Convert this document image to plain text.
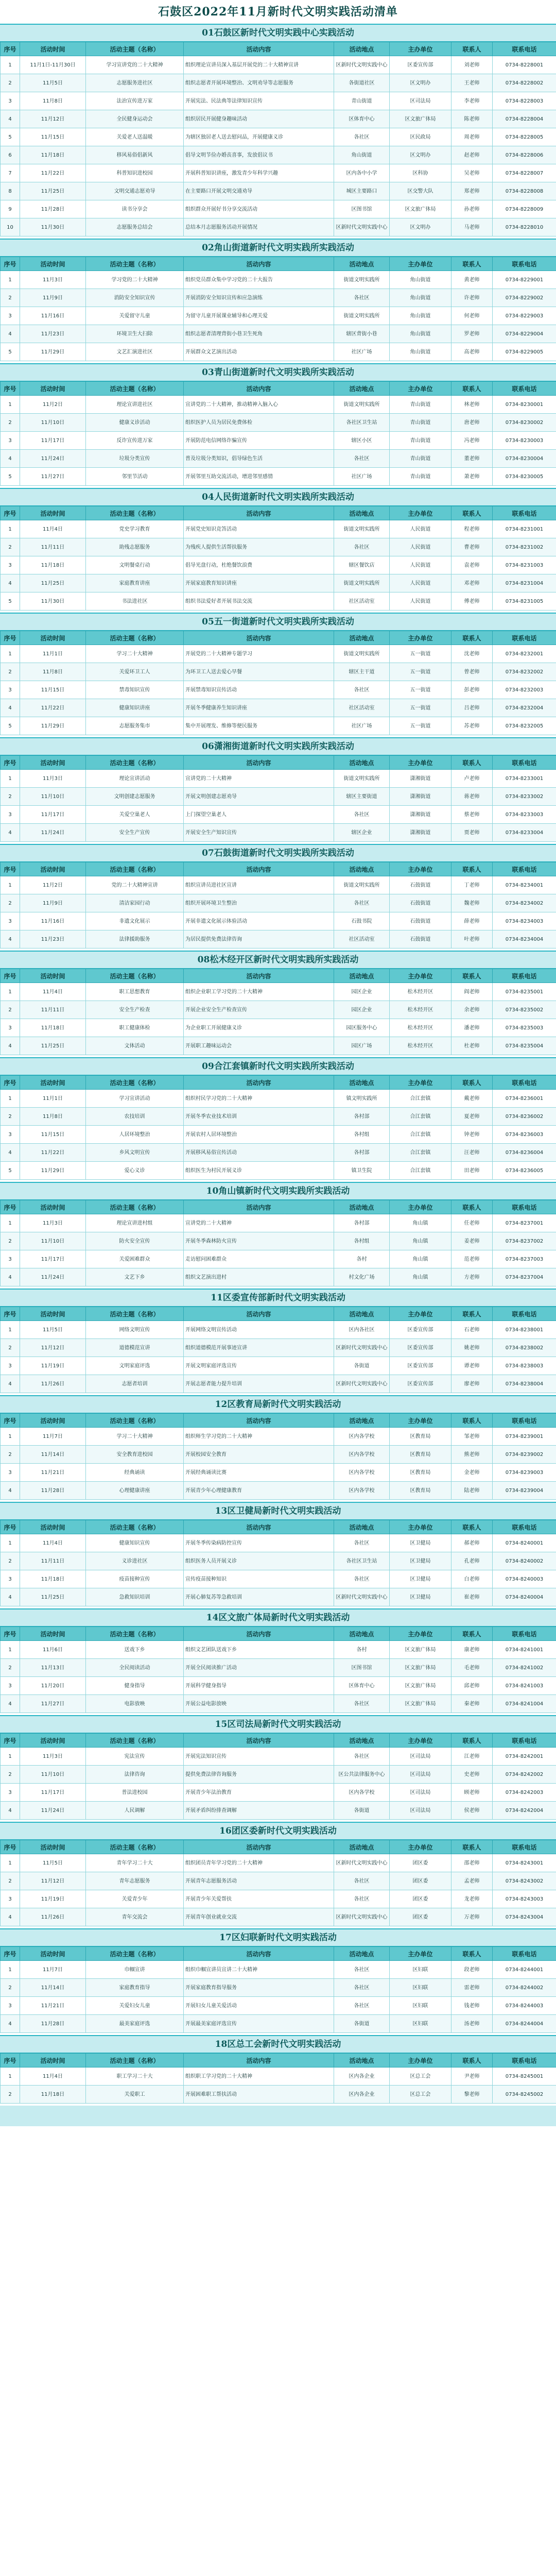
石鼓区2022年11月新时代文明实践活动清单
01石鼓区新时代文明实践中心实践活动
序号	活动时间	活动主题（名称）	活动内容	活动地点	主办单位	联系人	联系电话
1	11月1日-11月30日	学习宣讲党的二十大精神	组织理论宣讲员深入基层开展党的二十大精神宣讲	区新时代文明实践中心	区委宣传部	刘老师	0734-8228001
2	11月5日	志愿服务进社区	组织志愿者开展环境整治、文明劝导等志愿服务	各街道社区	区文明办	王老师	0734-8228002
3	11月8日	法治宣传进万家	开展宪法、民法典等法律知识宣传	青山街道	区司法局	李老师	0734-8228003
4	11月12日	全民健身运动会	组织居民开展健身趣味活动	区体育中心	区文旅广体局	陈老师	0734-8228004
5	11月15日	关爱老人送温暖	为辖区独居老人送去慰问品，开展健康义诊	各社区	区民政局	周老师	0734-8228005
6	11月18日	移风易俗倡新风	倡导文明节俭办婚丧喜事，发放倡议书	角山街道	区文明办	赵老师	0734-8228006
7	11月22日	科普知识进校园	开展科普知识讲座，激发青少年科学兴趣	区内各中小学	区科协	吴老师	0734-8228007
8	11月25日	文明交通志愿劝导	在主要路口开展文明交通劝导	城区主要路口	区交警大队	郑老师	0734-8228008
9	11月28日	读书分享会	组织群众开展好书分享交流活动	区图书馆	区文旅广体局	孙老师	0734-8228009
10	11月30日	志愿服务总结会	总结本月志愿服务活动开展情况	区新时代文明实践中心	区文明办	马老师	0734-8228010
02角山街道新时代文明实践所实践活动
序号	活动时间	活动主题（名称）	活动内容	活动地点	主办单位	联系人	联系电话
1	11月3日	学习党的二十大精神	组织党员群众集中学习党的二十大报告	街道文明实践所	角山街道	黄老师	0734-8229001
2	11月9日	消防安全知识宣传	开展消防安全知识宣传和应急演练	各社区	角山街道	许老师	0734-8229002
3	11月16日	关爱留守儿童	为留守儿童开展课业辅导和心理关爱	街道文明实践所	角山街道	何老师	0734-8229003
4	11月23日	环境卫生大扫除	组织志愿者清理背街小巷卫生死角	辖区背街小巷	角山街道	罗老师	0734-8229004
5	11月29日	文艺汇演进社区	开展群众文艺演出活动	社区广场	角山街道	高老师	0734-8229005
03青山街道新时代文明实践所实践活动
序号	活动时间	活动主题（名称）	活动内容	活动地点	主办单位	联系人	联系电话
1	11月2日	理论宣讲进社区	宣讲党的二十大精神，推动精神入脑入心	街道文明实践所	青山街道	林老师	0734-8230001
2	11月10日	健康义诊活动	组织医护人员为居民免费体检	各社区卫生站	青山街道	唐老师	0734-8230002
3	11月17日	反诈宣传进万家	开展防范电信网络诈骗宣传	辖区小区	青山街道	冯老师	0734-8230003
4	11月24日	垃圾分类宣传	普及垃圾分类知识，倡导绿色生活	各社区	青山街道	董老师	0734-8230004
5	11月27日	邻里节活动	开展邻里互助交流活动，增进邻里感情	社区广场	青山街道	萧老师	0734-8230005
04人民街道新时代文明实践所实践活动
序号	活动时间	活动主题（名称）	活动内容	活动地点	主办单位	联系人	联系电话
1	11月4日	党史学习教育	开展党史知识竞答活动	街道文明实践所	人民街道	程老师	0734-8231001
2	11月11日	助残志愿服务	为残疾人提供生活帮扶服务	各社区	人民街道	曹老师	0734-8231002
3	11月18日	文明餐桌行动	倡导光盘行动，杜绝餐饮浪费	辖区餐饮店	人民街道	袁老师	0734-8231003
4	11月25日	家庭教育讲座	开展家庭教育知识讲座	街道文明实践所	人民街道	邓老师	0734-8231004
5	11月30日	书法进社区	组织书法爱好者开展书法交流	社区活动室	人民街道	傅老师	0734-8231005
05五一街道新时代文明实践所实践活动
序号	活动时间	活动主题（名称）	活动内容	活动地点	主办单位	联系人	联系电话
1	11月1日	学习二十大精神	开展党的二十大精神专题学习	街道文明实践所	五一街道	沈老师	0734-8232001
2	11月8日	关爱环卫工人	为环卫工人送去爱心早餐	辖区主干道	五一街道	曾老师	0734-8232002
3	11月15日	禁毒知识宣传	开展禁毒知识宣传活动	各社区	五一街道	彭老师	0734-8232003
4	11月22日	健康知识讲座	开展冬季健康养生知识讲座	社区活动室	五一街道	吕老师	0734-8232004
5	11月29日	志愿服务集市	集中开展理发、维修等便民服务	社区广场	五一街道	苏老师	0734-8232005
06潇湘街道新时代文明实践所实践活动
序号	活动时间	活动主题（名称）	活动内容	活动地点	主办单位	联系人	联系电话
1	11月3日	理论宣讲活动	宣讲党的二十大精神	街道文明实践所	潇湘街道	卢老师	0734-8233001
2	11月10日	文明创建志愿服务	开展文明创建志愿劝导	辖区主要街道	潇湘街道	蒋老师	0734-8233002
3	11月17日	关爱空巢老人	上门探望空巢老人	各社区	潇湘街道	蔡老师	0734-8233003
4	11月24日	安全生产宣传	开展安全生产知识宣传	辖区企业	潇湘街道	贾老师	0734-8233004
07石鼓街道新时代文明实践所实践活动
序号	活动时间	活动主题（名称）	活动内容	活动地点	主办单位	联系人	联系电话
1	11月2日	党的二十大精神宣讲	组织宣讲员进社区宣讲	街道文明实践所	石鼓街道	丁老师	0734-8234001
2	11月9日	清洁家园行动	组织开展环境卫生整治	各社区	石鼓街道	魏老师	0734-8234002
3	11月16日	非遗文化展示	开展非遗文化展示体验活动	石鼓书院	石鼓街道	薛老师	0734-8234003
4	11月23日	法律援助服务	为居民提供免费法律咨询	社区活动室	石鼓街道	叶老师	0734-8234004
08松木经开区新时代文明实践所实践活动
序号	活动时间	活动主题（名称）	活动内容	活动地点	主办单位	联系人	联系电话
1	11月4日	职工思想教育	组织企业职工学习党的二十大精神	园区企业	松木经开区	阎老师	0734-8235001
2	11月11日	安全生产检查	开展企业安全生产检查宣传	园区企业	松木经开区	余老师	0734-8235002
3	11月18日	职工健康体检	为企业职工开展健康义诊	园区服务中心	松木经开区	潘老师	0734-8235003
4	11月25日	文体活动	开展职工趣味运动会	园区广场	松木经开区	杜老师	0734-8235004
09合江套镇新时代文明实践所实践活动
序号	活动时间	活动主题（名称）	活动内容	活动地点	主办单位	联系人	联系电话
1	11月1日	学习宣讲活动	组织村民学习党的二十大精神	镇文明实践所	合江套镇	戴老师	0734-8236001
2	11月8日	农技培训	开展冬季农业技术培训	各村部	合江套镇	夏老师	0734-8236002
3	11月15日	人居环境整治	开展农村人居环境整治	各村组	合江套镇	钟老师	0734-8236003
4	11月22日	乡风文明宣传	开展移风易俗宣传活动	各村部	合江套镇	汪老师	0734-8236004
5	11月29日	爱心义诊	组织医生为村民开展义诊	镇卫生院	合江套镇	田老师	0734-8236005
10角山镇新时代文明实践所实践活动
序号	活动时间	活动主题（名称）	活动内容	活动地点	主办单位	联系人	联系电话
1	11月3日	理论宣讲进村组	宣讲党的二十大精神	各村部	角山镇	任老师	0734-8237001
2	11月10日	防火安全宣传	开展冬季森林防火宣传	各村组	角山镇	姜老师	0734-8237002
3	11月17日	关爱困难群众	走访慰问困难群众	各村	角山镇	范老师	0734-8237003
4	11月24日	文艺下乡	组织文艺演出进村	村文化广场	角山镇	方老师	0734-8237004
11区委宣传部新时代文明实践活动
序号	活动时间	活动主题（名称）	活动内容	活动地点	主办单位	联系人	联系电话
1	11月5日	网络文明宣传	开展网络文明宣传活动	区内各社区	区委宣传部	石老师	0734-8238001
2	11月12日	道德模范宣讲	组织道德模范开展事迹宣讲	区新时代文明实践中心	区委宣传部	姚老师	0734-8238002
3	11月19日	文明家庭评选	开展文明家庭评选宣传	各街道	区委宣传部	谭老师	0734-8238003
4	11月26日	志愿者培训	开展志愿者能力提升培训	区新时代文明实践中心	区委宣传部	廖老师	0734-8238004
12区教育局新时代文明实践活动
序号	活动时间	活动主题（名称）	活动内容	活动地点	主办单位	联系人	联系电话
1	11月7日	学习二十大精神	组织师生学习党的二十大精神	区内各学校	区教育局	邹老师	0734-8239001
2	11月14日	安全教育进校园	开展校园安全教育	区内各学校	区教育局	熊老师	0734-8239002
3	11月21日	经典诵读	开展经典诵读比赛	区内各学校	区教育局	金老师	0734-8239003
4	11月28日	心理健康讲座	开展青少年心理健康教育	区内各学校	区教育局	陆老师	0734-8239004
13区卫健局新时代文明实践活动
序号	活动时间	活动主题（名称）	活动内容	活动地点	主办单位	联系人	联系电话
1	11月4日	健康知识宣传	开展冬季传染病防控宣传	各社区	区卫健局	郝老师	0734-8240001
2	11月11日	义诊进社区	组织医务人员开展义诊	各社区卫生站	区卫健局	孔老师	0734-8240002
3	11月18日	疫苗接种宣传	宣传疫苗接种知识	各社区	区卫健局	白老师	0734-8240003
4	11月25日	急救知识培训	开展心肺复苏等急救培训	区新时代文明实践中心	区卫健局	崔老师	0734-8240004
14区文旅广体局新时代文明实践活动
序号	活动时间	活动主题（名称）	活动内容	活动地点	主办单位	联系人	联系电话
1	11月6日	送戏下乡	组织文艺团队送戏下乡	各村	区文旅广体局	康老师	0734-8241001
2	11月13日	全民阅读活动	开展全民阅读推广活动	区图书馆	区文旅广体局	毛老师	0734-8241002
3	11月20日	健身指导	开展科学健身指导	区体育中心	区文旅广体局	邱老师	0734-8241003
4	11月27日	电影放映	开展公益电影放映	各社区	区文旅广体局	秦老师	0734-8241004
15区司法局新时代文明实践活动
序号	活动时间	活动主题（名称）	活动内容	活动地点	主办单位	联系人	联系电话
1	11月3日	宪法宣传	开展宪法知识宣传	各社区	区司法局	江老师	0734-8242001
2	11月10日	法律咨询	提供免费法律咨询服务	区公共法律服务中心	区司法局	史老师	0734-8242002
3	11月17日	普法进校园	开展青少年法治教育	区内各学校	区司法局	顾老师	0734-8242003
4	11月24日	人民调解	开展矛盾纠纷排查调解	各街道	区司法局	侯老师	0734-8242004
16团区委新时代文明实践活动
序号	活动时间	活动主题（名称）	活动内容	活动地点	主办单位	联系人	联系电话
1	11月5日	青年学习二十大	组织团员青年学习党的二十大精神	区新时代文明实践中心	团区委	邵老师	0734-8243001
2	11月12日	青年志愿服务	开展青年志愿服务活动	各社区	团区委	孟老师	0734-8243002
3	11月19日	关爱青少年	开展青少年关爱帮扶	各社区	团区委	龙老师	0734-8243003
4	11月26日	青年交流会	开展青年创业就业交流	区新时代文明实践中心	团区委	万老师	0734-8243004
17区妇联新时代文明实践活动
序号	活动时间	活动主题（名称）	活动内容	活动地点	主办单位	联系人	联系电话
1	11月7日	巾帼宣讲	组织巾帼宣讲员宣讲二十大精神	各社区	区妇联	段老师	0734-8244001
2	11月14日	家庭教育指导	开展家庭教育指导服务	各社区	区妇联	雷老师	0734-8244002
3	11月21日	关爱妇女儿童	开展妇女儿童关爱活动	各社区	区妇联	钱老师	0734-8244003
4	11月28日	最美家庭评选	开展最美家庭评选宣传	各街道	区妇联	汤老师	0734-8244004
18区总工会新时代文明实践活动
序号	活动时间	活动主题（名称）	活动内容	活动地点	主办单位	联系人	联系电话
1	11月4日	职工学习二十大	组织职工学习党的二十大精神	区内各企业	区总工会	尹老师	0734-8245001
2	11月18日	关爱职工	开展困难职工帮扶活动	区内各企业	区总工会	黎老师	0734-8245002
